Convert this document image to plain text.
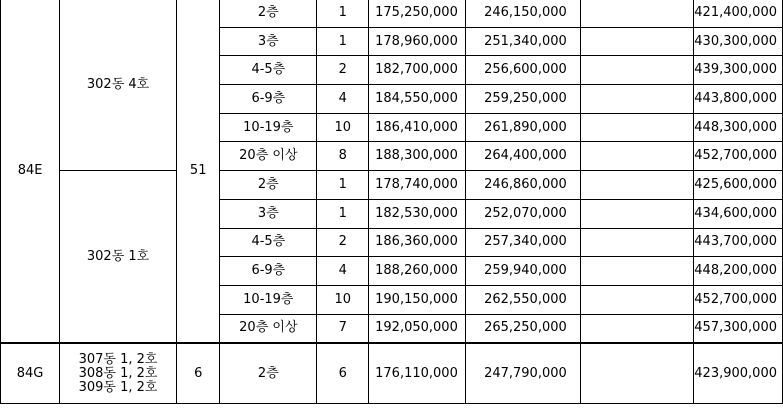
84E	302동 4호	51	2층	1	175,250,000	246,150,000		421,400,000
			3층	1	178,960,000	251,340,000		430,300,000
			4-5층	2	182,700,000	256,600,000		439,300,000
			6-9층	4	184,550,000	259,250,000		443,800,000
			10-19층	10	186,410,000	261,890,000		448,300,000
			20층 이상	8	188,300,000	264,400,000		452,700,000
	302동 1호		2층	1	178,740,000	246,860,000		425,600,000
			3층	1	182,530,000	252,070,000		434,600,000
			4-5층	2	186,360,000	257,340,000		443,700,000
			6-9층	4	188,260,000	259,940,000		448,200,000
			10-19층	10	190,150,000	262,550,000		452,700,000
			20층 이상	7	192,050,000	265,250,000		457,300,000
84G	307동 1, 2호
308동 1, 2호
309동 1, 2호	6	2층	6	176,110,000	247,790,000		423,900,000
